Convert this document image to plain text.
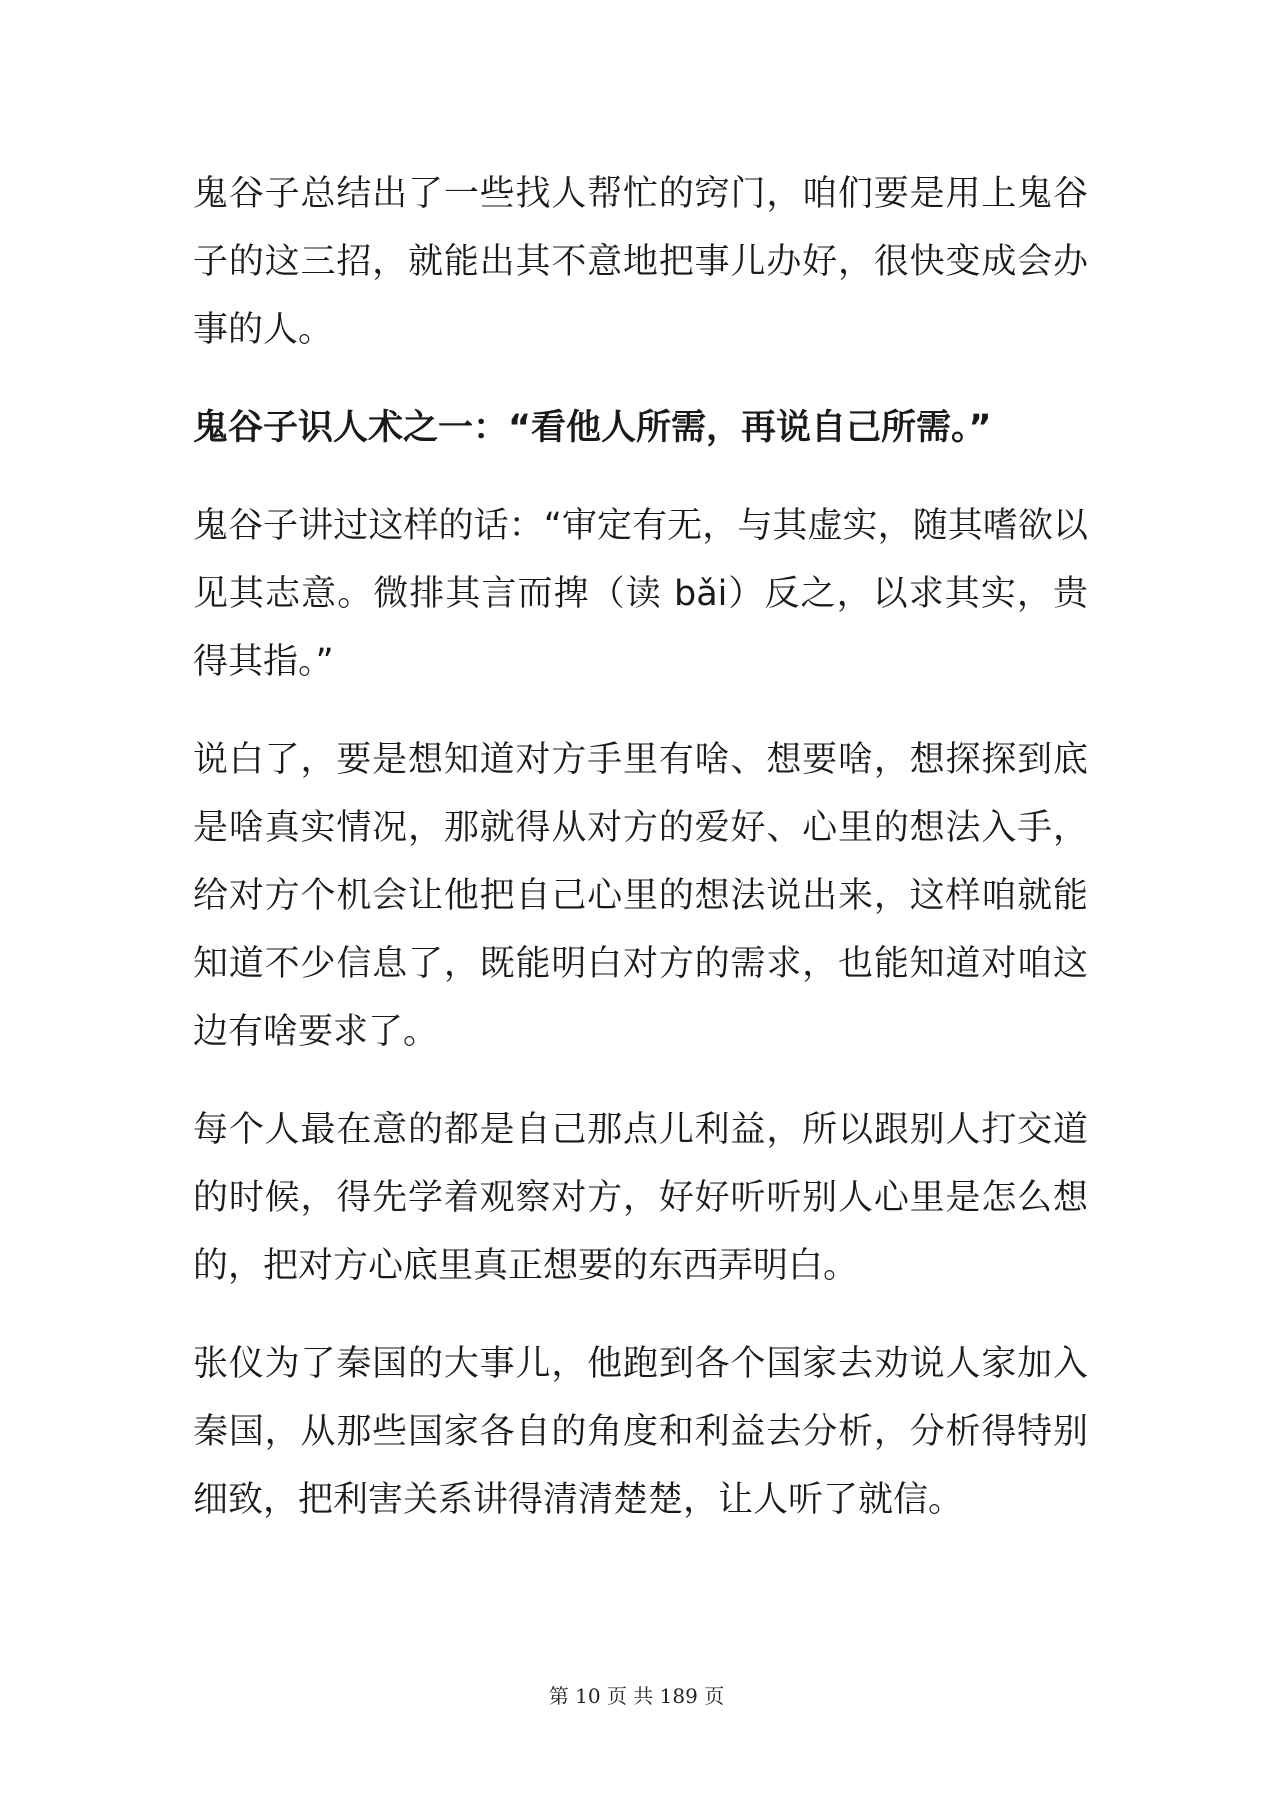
鬼谷子总结出了一些找人帮忙的窍门，咱们要是用上鬼谷子的这三招，就能出其不意地把事儿办好，很快变成会办事的人。

鬼谷子识人术之一：“看他人所需，再说自己所需。”

鬼谷子讲过这样的话：“审定有无，与其虚实，随其嗜欲以见其志意。微排其言而捭（读 bǎi）反之，以求其实，贵得其指。”

说白了，要是想知道对方手里有啥、想要啥，想探探到底是啥真实情况，那就得从对方的爱好、心里的想法入手，给对方个机会让他把自己心里的想法说出来，这样咱就能知道不少信息了，既能明白对方的需求，也能知道对咱这边有啥要求了。

每个人最在意的都是自己那点儿利益，所以跟别人打交道的时候，得先学着观察对方，好好听听别人心里是怎么想的，把对方心底里真正想要的东西弄明白。

张仪为了秦国的大事儿，他跑到各个国家去劝说人家加入秦国，从那些国家各自的角度和利益去分析，分析得特别细致，把利害关系讲得清清楚楚，让人听了就信。

第 10 页 共 189 页
